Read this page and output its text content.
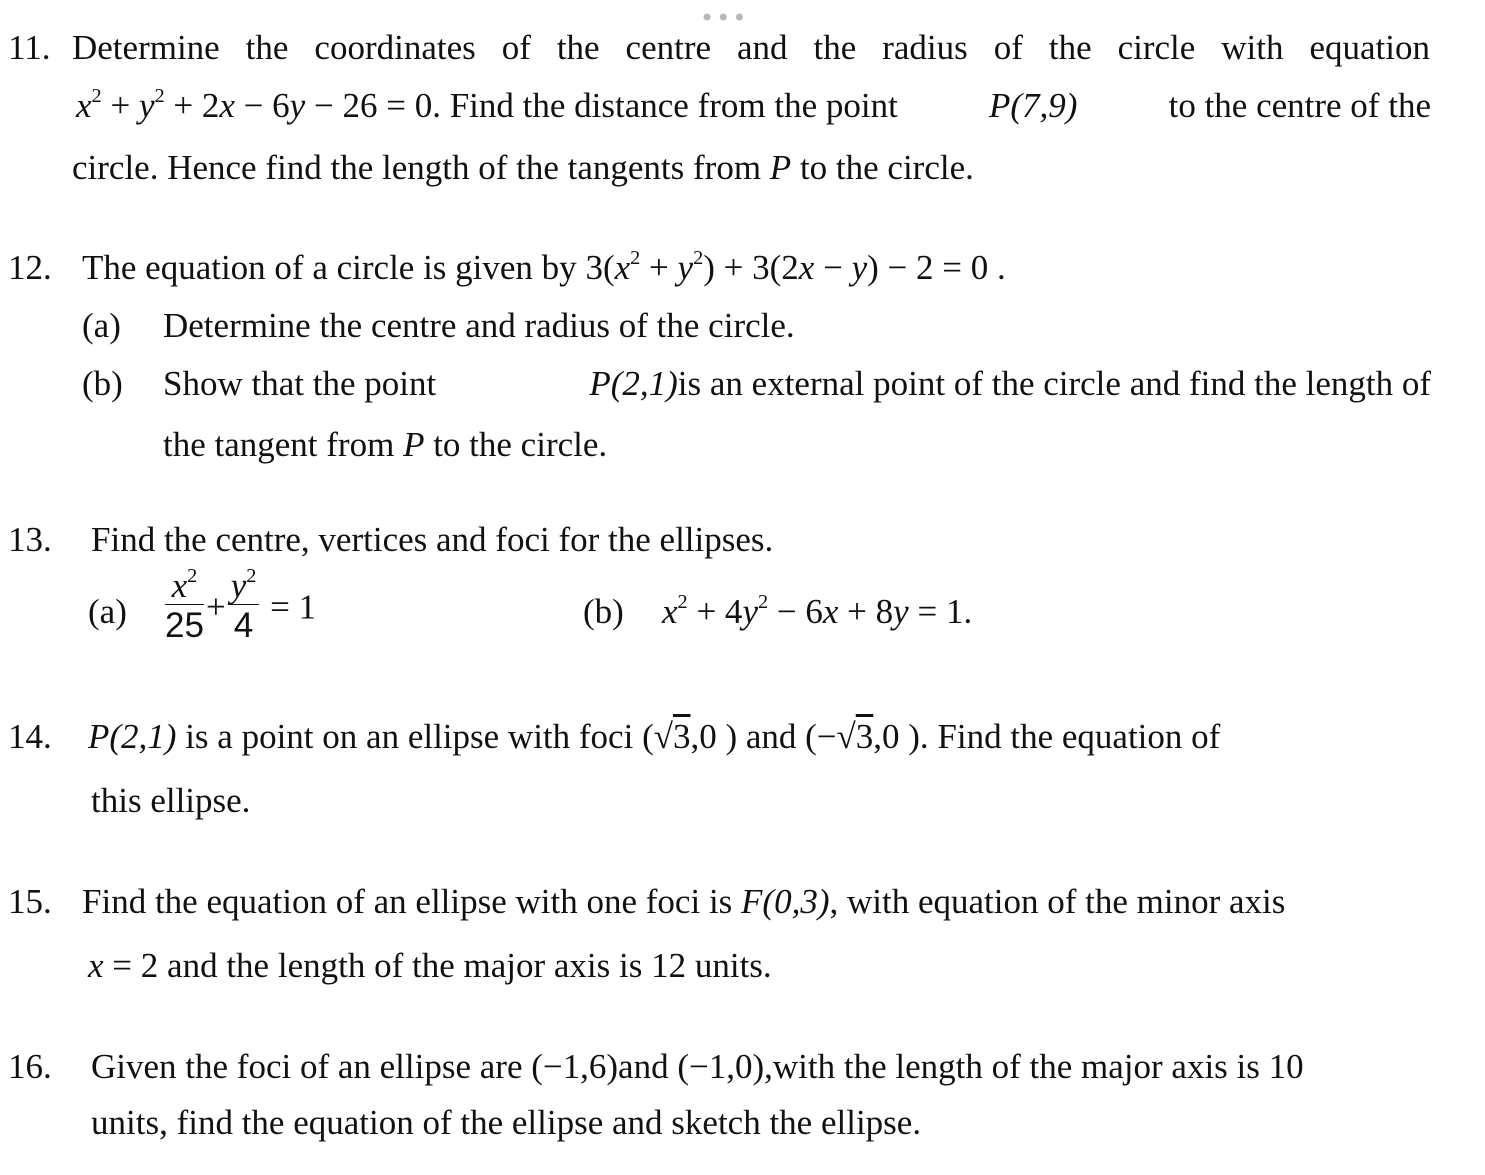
•••
11. Determine the coordinates of the centre and the radius of the circle with equation
$x^2 + y^2 + 2x - 6y - 26 = 0$. Find the distance from the point	P(7,9)	to the centre of the
circle. Hence find the length of the tangents from P to the circle.
12. The equation of a circle is given by $3(x^2 + y^2) + 3(2x - y) - 2 = 0$ .
(a) Determine the centre and radius of the circle.
(b) Show that the point	P(2,1)is an external point of the circle and find the length of
the tangent from P to the circle.
13. Find the centre, vertices and foci for the ellipses.
$(a) \frac{x^2}{25} + \frac{y^2}{4} = 1$	(b) $x^2 + 4y^2 - 6x + 8y = 1$.
14. P(2,1) is a point on an ellipse with foci (√3,0 ) and (−√3,0 ). Find the equation of
this ellipse.
15. Find the equation of an ellipse with one foci is F(0,3), with equation of the minor axis
x = 2 and the length of the major axis is 12 units.
16. Given the foci of an ellipse are (−1,6)and (−1,0),with the length of the major axis is 10
units, find the equation of the ellipse and sketch the ellipse.
